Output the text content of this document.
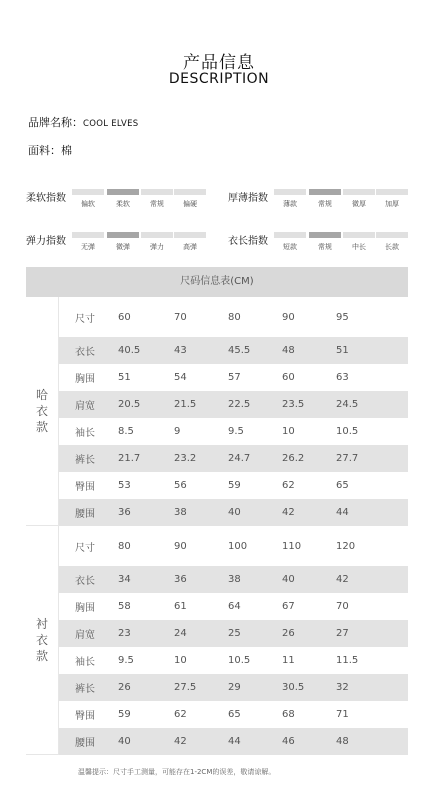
产品信息
DESCRIPTION
品牌名称：COOL ELVES
面料：棉
柔软指数	偏软	柔软	常规	偏硬	厚薄指数	薄款	常规	微厚	加厚
弹力指数	无弹	微弹	弹力	高弹	衣长指数	短款	常规	中长	长款
尺码信息表(CM)
哈
衣
款
尺寸	60	70	80	90	95
衣长	40.5	43	45.5	48	51
胸围	51	54	57	60	63
肩宽	20.5	21.5	22.5	23.5	24.5
袖长	8.5	9	9.5	10	10.5
裤长	21.7	23.2	24.7	26.2	27.7
臀围	53	56	59	62	65
腰围	36	38	40	42	44
衬
衣
款
尺寸	80	90	100	110	120
衣长	34	36	38	40	42
胸围	58	61	64	67	70
肩宽	23	24	25	26	27
袖长	9.5	10	10.5	11	11.5
裤长	26	27.5	29	30.5	32
臀围	59	62	65	68	71
腰围	40	42	44	46	48
温馨提示：尺寸手工测量，可能存在1-2CM的误差，敬请谅解。
